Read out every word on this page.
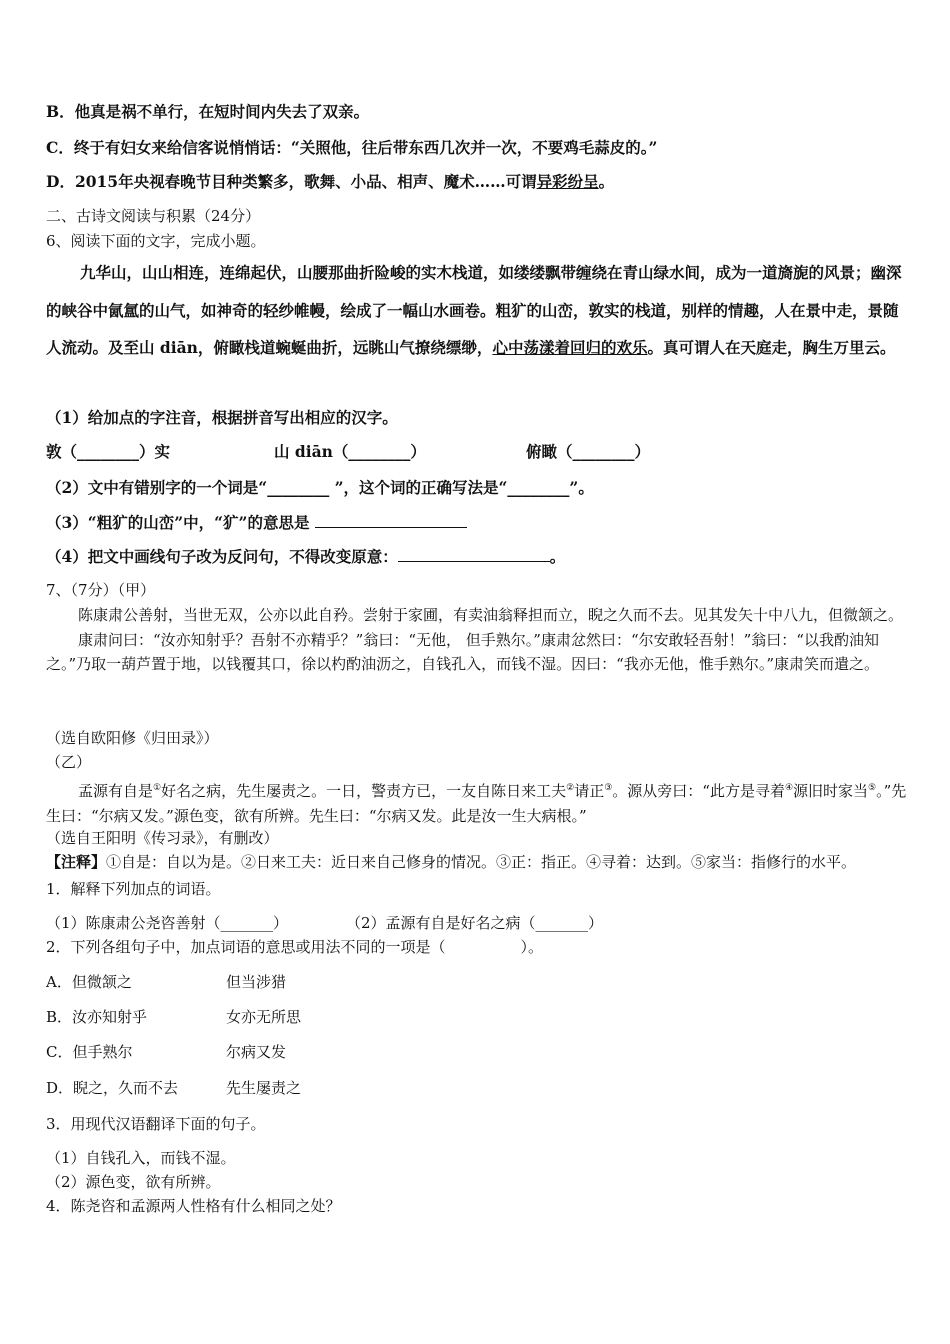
B．他真是祸不单行，在短时间内失去了双亲。
C．终于有妇女来给信客说悄悄话：“关照他，往后带东西几次并一次，不要鸡毛蒜皮的。”
D．2015年央视春晚节目种类繁多，歌舞、小品、相声、魔术……可谓异彩纷呈。
二、古诗文阅读与积累（24分）
6、阅读下面的文字，完成小题。

九华山，山山相连，连绵起伏，山腰那曲折险峻的实木栈道，如缕缕飘带缠绕在青山绿水间，成为一道旖旎的风景；幽深的峡谷中氤氲的山气，如神奇的轻纱帷幔，绘成了一幅山水画卷。粗犷的山峦，敦实的栈道，别样的情趣，人在景中走，景随人流动。及至山 diān，俯瞰栈道蜿蜒曲折，远眺山气撩绕缥缈，心中荡漾着回归的欢乐。真可谓人在天庭走，胸生万里云。

（1）给加点的字注音，根据拼音写出相应的汉字。
敦（________）实	山 diān（________）	俯瞰（________）
（2）文中有错别字的一个词是“________ ”，这个词的正确写法是“________”。
（3）“粗犷的山峦”中，“犷”的意思是
（4）把文中画线句子改为反问句，不得改变原意：	。
7、（7分）（甲）

陈康肃公善射，当世无双，公亦以此自矜。尝射于家圃，有卖油翁释担而立，睨之久而不去。见其发矢十中八九，但微颔之。

康肃问曰：“汝亦知射乎？吾射不亦精乎？”翁曰：“无他， 但手熟尔。”康肃忿然曰：“尔安敢轻吾射！”翁曰：“以我酌油知之。”乃取一葫芦置于地，以钱覆其口，徐以杓酌油沥之，自钱孔入，而钱不湿。因曰：“我亦无他，惟手熟尔。”康肃笑而遣之。

（选自欧阳修《归田录》）
（乙）

孟源有自是①好名之病，先生屡责之。一日，警责方已，一友自陈日来工夫②请正③。源从旁曰：“此方是寻着④源旧时家当⑤。”先生曰：“尔病又发。”源色变，欲有所辨。先生曰：“尔病又发。此是汝一生大病根。”

（选自王阳明《传习录》，有删改）
【注释】①自是：自以为是。②日来工夫：近日来自己修身的情况。③正：指正。④寻着：达到。⑤家当：指修行的水平。
1．解释下列加点的词语。
（1）陈康肃公尧咨善射（_______）	（2）孟源有自是好名之病（_______）
2．下列各组句子中，加点词语的意思或用法不同的一项是（　　　　　）。
A．但微颔之	但当涉猎
B．汝亦知射乎	女亦无所思
C．但手熟尔	尔病又发
D．睨之，久而不去	先生屡责之
3．用现代汉语翻译下面的句子。
（1）自钱孔入，而钱不湿。
（2）源色变，欲有所辨。
4．陈尧咨和孟源两人性格有什么相同之处？
